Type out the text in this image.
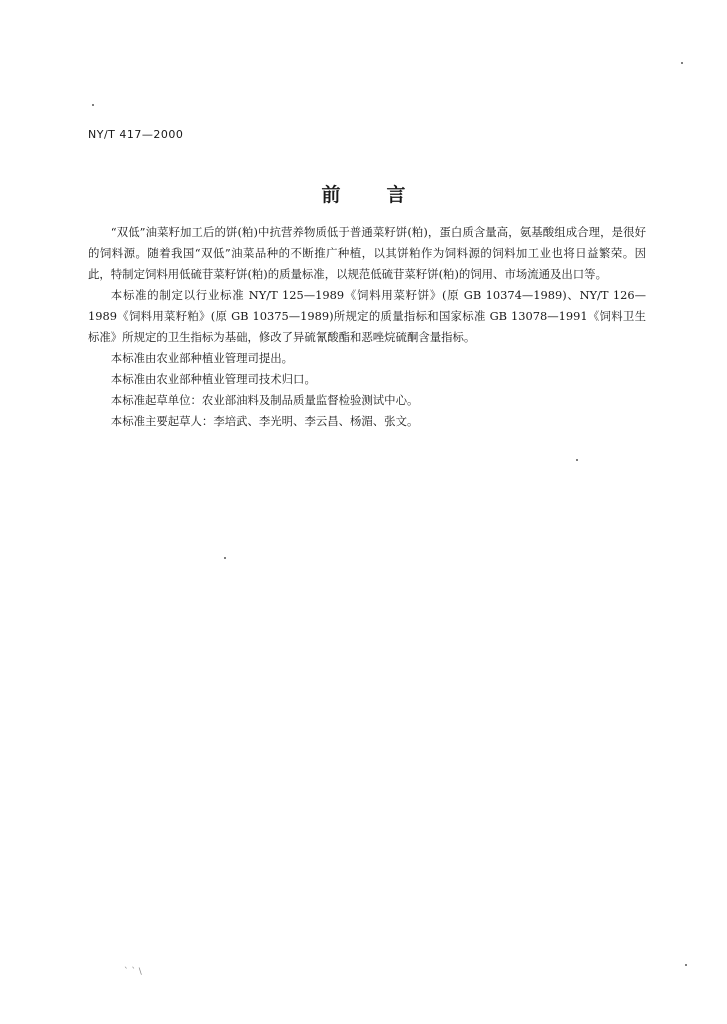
NY/T 417—2000
前言

“双低”油菜籽加工后的饼(粕)中抗营养物质低于普通菜籽饼(粕)，蛋白质含量高，氨基酸组成合理，是很好的饲料源。随着我国“双低”油菜品种的不断推广种植，以其饼粕作为饲料源的饲料加工业也将日益繁荣。因此，特制定饲料用低硫苷菜籽饼(粕)的质量标准，以规范低硫苷菜籽饼(粕)的饲用、市场流通及出口等。

本标准的制定以行业标准 NY/T 125—1989《饲料用菜籽饼》(原 GB 10374—1989)、NY/T 126—1989《饲料用菜籽粕》(原 GB 10375—1989)所规定的质量指标和国家标准 GB 13078—1991《饲料卫生标准》所规定的卫生指标为基础，修改了异硫氰酸酯和恶唑烷硫酮含量指标。

本标准由农业部种植业管理司提出。

本标准由农业部种植业管理司技术归口。

本标准起草单位：农业部油料及制品质量监督检验测试中心。

本标准主要起草人：李培武、李光明、李云昌、杨湄、张文。

` ` \
